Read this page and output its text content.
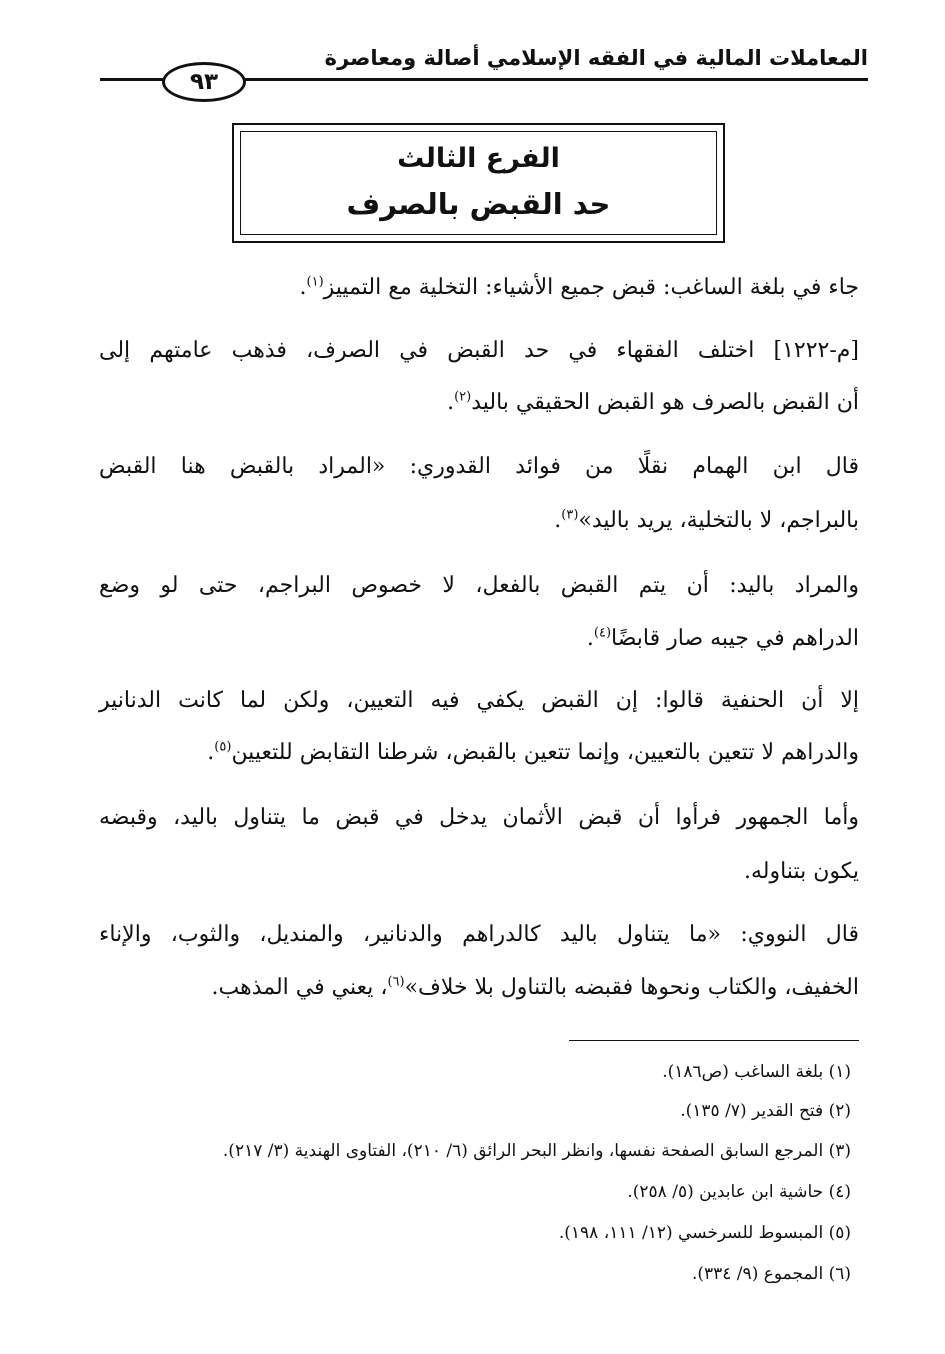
المعاملات المالية في الفقه الإسلامي أصالة ومعاصرة
٩٣
الفرع الثالث
حد القبض بالصرف
جاء في بلغة الساغب: قبض جميع الأشياء: التخلية مع التمييز$^{(١)}$.
[م-١٢٢٢] اختلف الفقهاء في حد القبض في الصرف، فذهب عامتهم إلى
أن القبض بالصرف هو القبض الحقيقي باليد$^{(٢)}$.
قال ابن الهمام نقلًا من فوائد القدوري: «المراد بالقبض هنا القبض
بالبراجم، لا بالتخلية، يريد باليد»$^{(٣)}$.
والمراد باليد: أن يتم القبض بالفعل، لا خصوص البراجم، حتى لو وضع
الدراهم في جيبه صار قابضًا$^{(٤)}$.
إلا أن الحنفية قالوا: إن القبض يكفي فيه التعيين، ولكن لما كانت الدنانير
والدراهم لا تتعين بالتعيين، وإنما تتعين بالقبض، شرطنا التقابض للتعيين$^{(٥)}$.
وأما الجمهور فرأوا أن قبض الأثمان يدخل في قبض ما يتناول باليد، وقبضه
يكون بتناوله.
قال النووي: «ما يتناول باليد كالدراهم والدنانير، والمنديل، والثوب، والإناء
الخفيف، والكتاب ونحوها فقبضه بالتناول بلا خلاف»$^{(٦)}$، يعني في المذهب.
(١) بلغة الساغب (ص١٨٦).
(٢) فتح القدير (٧/ ١٣٥).
(٣) المرجع السابق الصفحة نفسها، وانظر البحر الرائق (٦/ ٢١٠)، الفتاوى الهندية (٣/ ٢١٧).
(٤) حاشية ابن عابدين (٥/ ٢٥٨).
(٥) المبسوط للسرخسي (١٢/ ١١١، ١٩٨).
(٦) المجموع (٩/ ٣٣٤).
